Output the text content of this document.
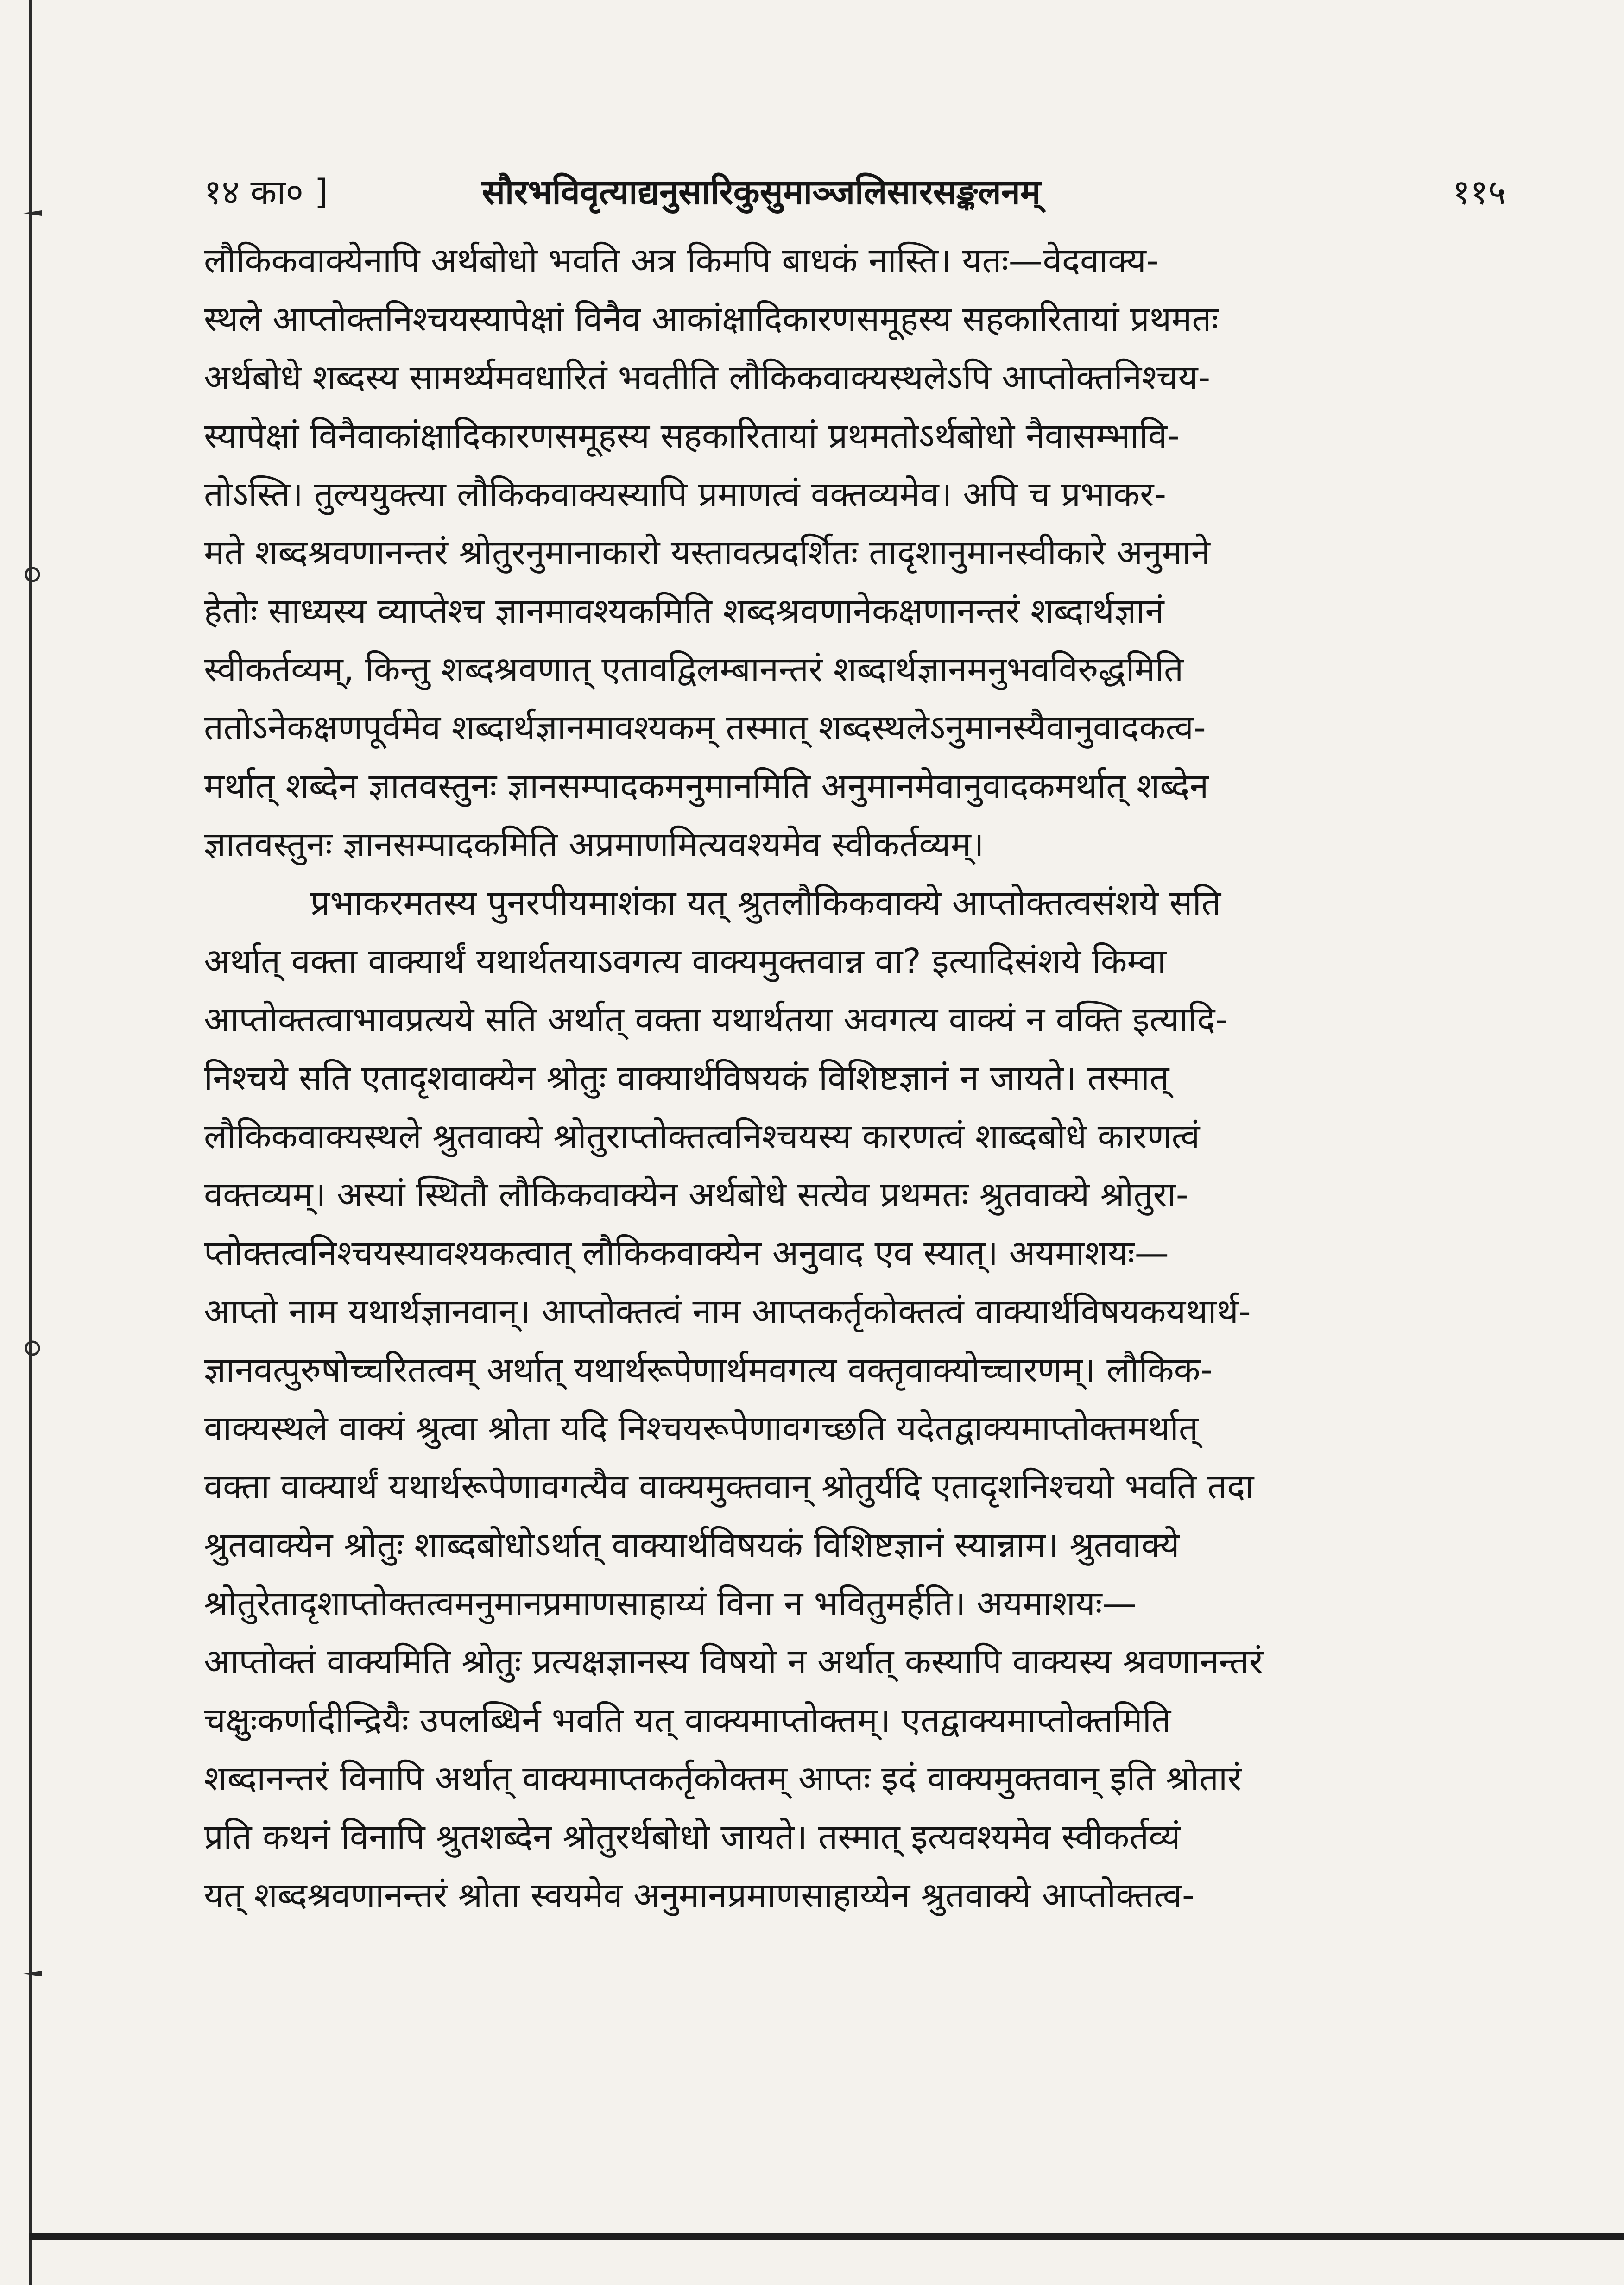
१४ का० ]	सौरभविवृत्याद्यनुसारिकुसुमाञ्जलिसारसङ्कलनम्	११५
लौकिकवाक्येनापि अर्थबोधो भवति अत्र किमपि बाधकं नास्ति। यतः—वेदवाक्य-
स्थले आप्तोक्तनिश्चयस्यापेक्षां विनैव आकांक्षादिकारणसमूहस्य सहकारितायां प्रथमतः
अर्थबोधे शब्दस्य सामर्थ्यमवधारितं भवतीति लौकिकवाक्यस्थलेऽपि आप्तोक्तनिश्चय-
स्यापेक्षां विनैवाकांक्षादिकारणसमूहस्य सहकारितायां प्रथमतोऽर्थबोधो नैवासम्भावि-
तोऽस्ति। तुल्ययुक्त्या लौकिकवाक्यस्यापि प्रमाणत्वं वक्तव्यमेव। अपि च प्रभाकर-
मते शब्दश्रवणानन्तरं श्रोतुरनुमानाकारो यस्तावत्प्रदर्शितः तादृशानुमानस्वीकारे अनुमाने
हेतोः साध्यस्य व्याप्तेश्च ज्ञानमावश्यकमिति शब्दश्रवणानेकक्षणानन्तरं शब्दार्थज्ञानं
स्वीकर्तव्यम्, किन्तु शब्दश्रवणात् एतावद्विलम्बानन्तरं शब्दार्थज्ञानमनुभवविरुद्धमिति
ततोऽनेकक्षणपूर्वमेव शब्दार्थज्ञानमावश्यकम् तस्मात् शब्दस्थलेऽनुमानस्यैवानुवादकत्व-
मर्थात् शब्देन ज्ञातवस्तुनः ज्ञानसम्पादकमनुमानमिति अनुमानमेवानुवादकमर्थात् शब्देन
ज्ञातवस्तुनः ज्ञानसम्पादकमिति अप्रमाणमित्यवश्यमेव स्वीकर्तव्यम्।
प्रभाकरमतस्य पुनरपीयमाशंका यत् श्रुतलौकिकवाक्ये आप्तोक्तत्वसंशये सति
अर्थात् वक्ता वाक्यार्थं यथार्थतयाऽवगत्य वाक्यमुक्तवान्न वा? इत्यादिसंशये किम्वा
आप्तोक्तत्वाभावप्रत्यये सति अर्थात् वक्ता यथार्थतया अवगत्य वाक्यं न वक्ति इत्यादि-
निश्चये सति एतादृशवाक्येन श्रोतुः वाक्यार्थविषयकं विशिष्टज्ञानं न जायते। तस्मात्
लौकिकवाक्यस्थले श्रुतवाक्ये श्रोतुराप्तोक्तत्वनिश्चयस्य कारणत्वं शाब्दबोधे कारणत्वं
वक्तव्यम्। अस्यां स्थितौ लौकिकवाक्येन अर्थबोधे सत्येव प्रथमतः श्रुतवाक्ये श्रोतुरा-
प्तोक्तत्वनिश्चयस्यावश्यकत्वात् लौकिकवाक्येन अनुवाद एव स्यात्। अयमाशयः—
आप्तो नाम यथार्थज्ञानवान्। आप्तोक्तत्वं नाम आप्तकर्तृकोक्तत्वं वाक्यार्थविषयकयथार्थ-
ज्ञानवत्पुरुषोच्चरितत्वम् अर्थात् यथार्थरूपेणार्थमवगत्य वक्तृवाक्योच्चारणम्। लौकिक-
वाक्यस्थले वाक्यं श्रुत्वा श्रोता यदि निश्चयरूपेणावगच्छति यदेतद्वाक्यमाप्तोक्तमर्थात्
वक्ता वाक्यार्थं यथार्थरूपेणावगत्यैव वाक्यमुक्तवान् श्रोतुर्यदि एतादृशनिश्चयो भवति तदा
श्रुतवाक्येन श्रोतुः शाब्दबोधोऽर्थात् वाक्यार्थविषयकं विशिष्टज्ञानं स्यान्नाम। श्रुतवाक्ये
श्रोतुरेतादृशाप्तोक्तत्वमनुमानप्रमाणसाहाय्यं विना न भवितुमर्हति। अयमाशयः—
आप्तोक्तं वाक्यमिति श्रोतुः प्रत्यक्षज्ञानस्य विषयो न अर्थात् कस्यापि वाक्यस्य श्रवणानन्तरं
चक्षुःकर्णादीन्द्रियैः उपलब्धिर्न भवति यत् वाक्यमाप्तोक्तम्। एतद्वाक्यमाप्तोक्तमिति
शब्दानन्तरं विनापि अर्थात् वाक्यमाप्तकर्तृकोक्तम् आप्तः इदं वाक्यमुक्तवान् इति श्रोतारं
प्रति कथनं विनापि श्रुतशब्देन श्रोतुरर्थबोधो जायते। तस्मात् इत्यवश्यमेव स्वीकर्तव्यं
यत् शब्दश्रवणानन्तरं श्रोता स्वयमेव अनुमानप्रमाणसाहाय्येन श्रुतवाक्ये आप्तोक्तत्व-
